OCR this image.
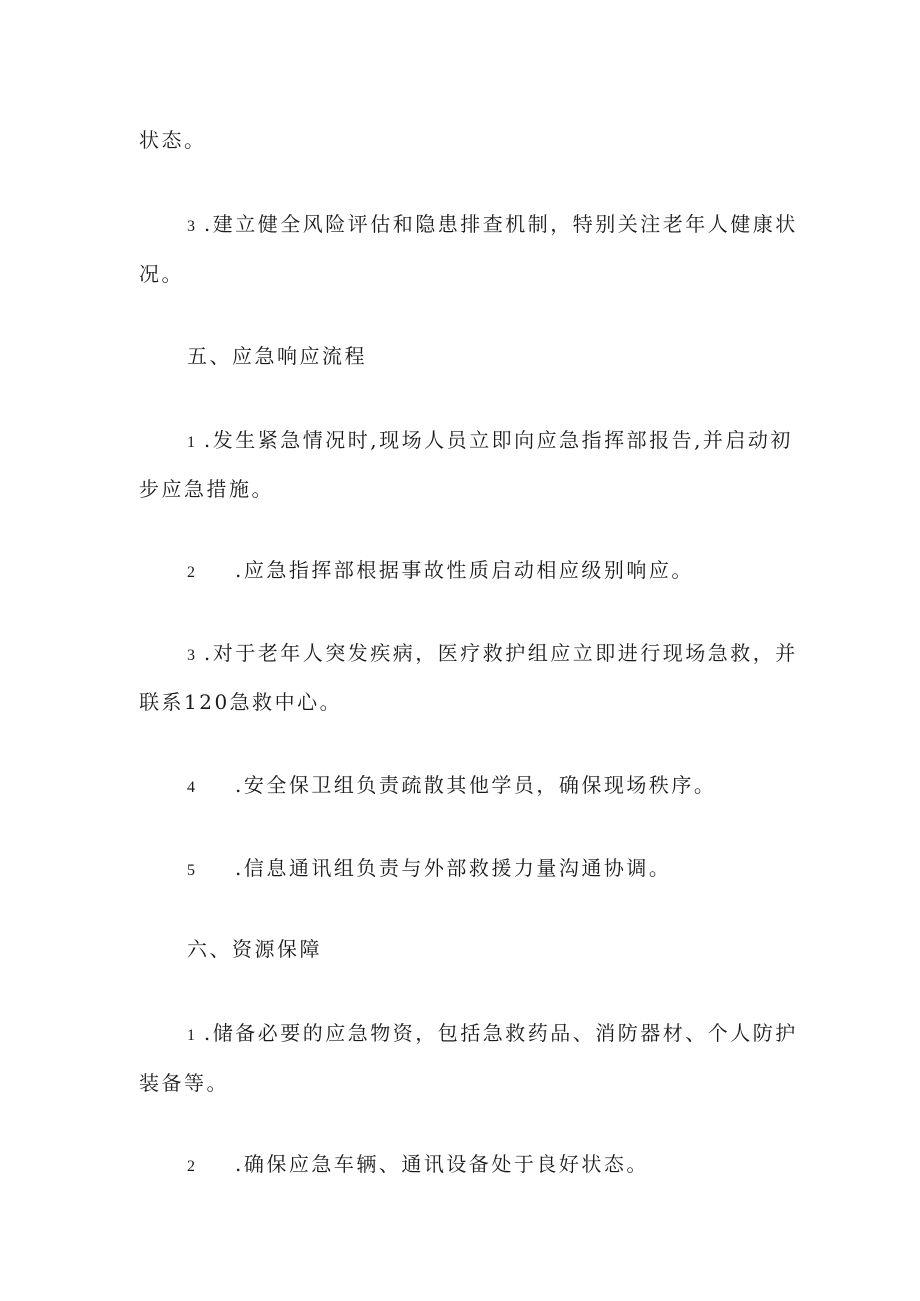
状态。
3 .建立健全风险评估和隐患排查机制，特别关注老年人健康状
况。
五、应急响应流程
1 .发生紧急情况时,现场人员立即向应急指挥部报告,并启动初
步应急措施。
2 .应急指挥部根据事故性质启动相应级别响应。
3 .对于老年人突发疾病，医疗救护组应立即进行现场急救，并
联系120急救中心。
4 .安全保卫组负责疏散其他学员，确保现场秩序。
5 .信息通讯组负责与外部救援力量沟通协调。
六、资源保障
1 .储备必要的应急物资，包括急救药品、消防器材、个人防护
装备等。
2 .确保应急车辆、通讯设备处于良好状态。
